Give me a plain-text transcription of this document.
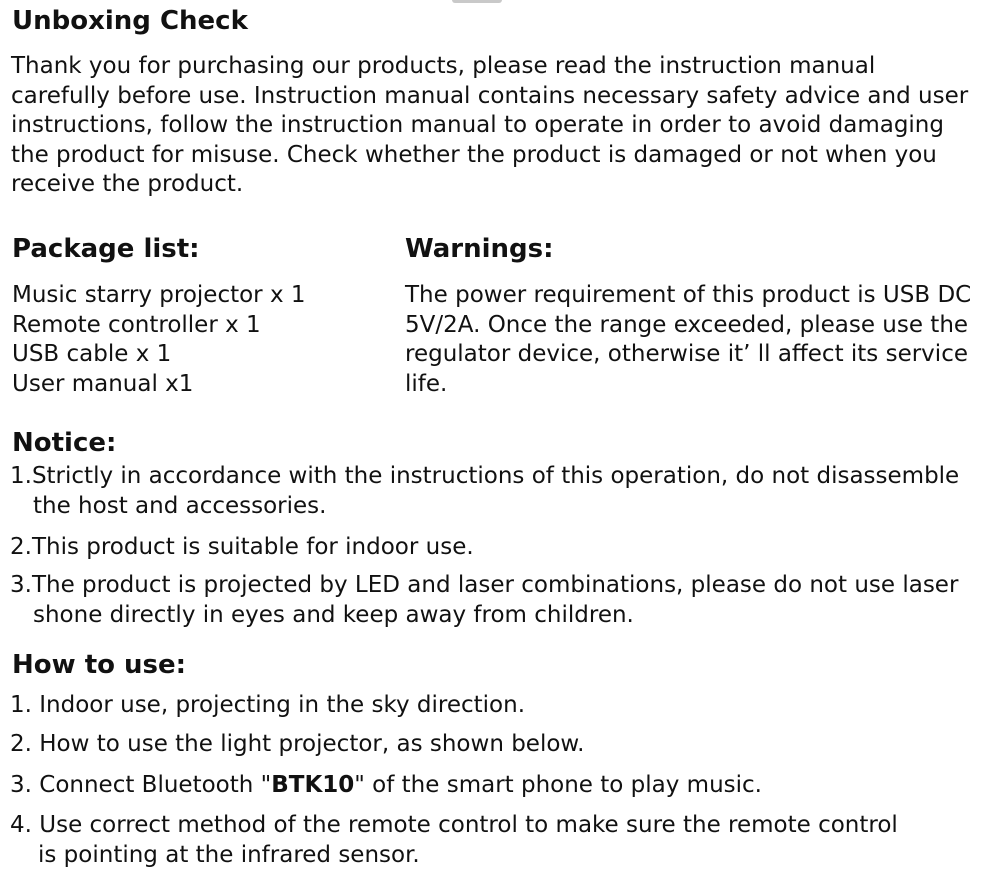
Unboxing Check
Thank you for purchasing our products, please read the instruction manual
carefully before use. Instruction manual contains necessary safety advice and user
instructions, follow the instruction manual to operate in order to avoid damaging
the product for misuse. Check whether the product is damaged or not when you
receive the product.
Package list:
Music starry projector x 1
Remote controller x 1
USB cable x 1
User manual x1
Warnings:
The power requirement of this product is USB DC
5V/2A. Once the range exceeded, please use the
regulator device, otherwise it’ ll affect its service
life.
Notice:
1.Strictly in accordance with the instructions of this operation, do not disassemble
the host and accessories.
2.This product is suitable for indoor use.
3.The product is projected by LED and laser combinations, please do not use laser
shone directly in eyes and keep away from children.
How to use:
1. Indoor use, projecting in the sky direction.
2. How to use the light projector, as shown below.
3. Connect Bluetooth "BTK10" of the smart phone to play music.
4. Use correct method of the remote control to make sure the remote control
is pointing at the infrared sensor.
